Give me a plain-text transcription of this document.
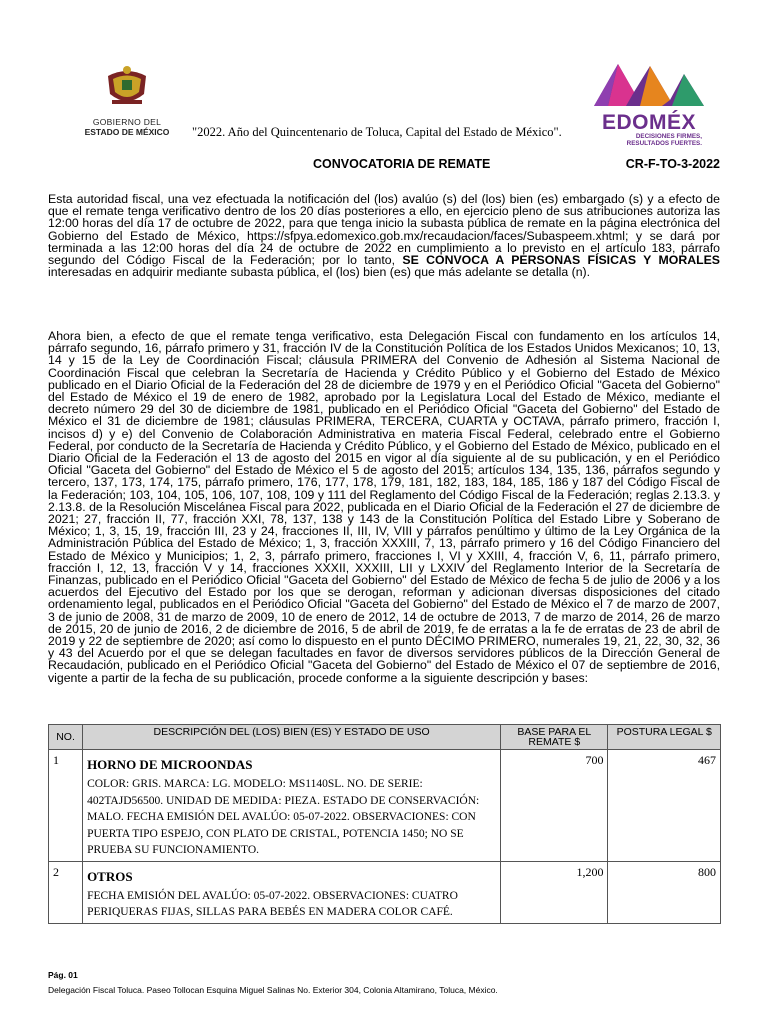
GOBIERNO DEL
ESTADO DE MÉXICO	"2022. Año del Quincentenario de Toluca, Capital del Estado de México".	EDOMÉX
DECISIONES FIRMES,
RESULTADOS FUERTES.
CONVOCATORIA DE REMATE	CR-F-TO-3-2022
Esta autoridad fiscal, una vez efectuada la notificación del (los) avalúo (s) del (los) bien (es) embargado (s) y a efecto de que el remate tenga verificativo dentro de los 20 días posteriores a ello, en ejercicio pleno de sus atribuciones autoriza las 12:00 horas del día 17 de octubre de 2022, para que tenga inicio la subasta pública de remate en la página electrónica del Gobierno del Estado de México, https://sfpya.edomexico.gob.mx/recaudacion/faces/Subaspeem.xhtml; y se dará por terminada a las 12:00 horas del día 24 de octubre de 2022 en cumplimiento a lo previsto en el artículo 183, párrafo segundo del Código Fiscal de la Federación; por lo tanto, SE CONVOCA A PERSONAS FÍSICAS Y MORALES interesadas en adquirir mediante subasta pública, el (los) bien (es) que más adelante se detalla (n).
Ahora bien, a efecto de que el remate tenga verificativo, esta Delegación Fiscal con fundamento en los artículos 14, párrafo segundo, 16, párrafo primero y 31, fracción IV de la Constitución Política de los Estados Unidos Mexicanos; 10, 13, 14 y 15 de la Ley de Coordinación Fiscal; cláusula PRIMERA del Convenio de Adhesión al Sistema Nacional de Coordinación Fiscal que celebran la Secretaría de Hacienda y Crédito Público y el Gobierno del Estado de México publicado en el Diario Oficial de la Federación del 28 de diciembre de 1979 y en el Periódico Oficial "Gaceta del Gobierno" del Estado de México el 19 de enero de 1982, aprobado por la Legislatura Local del Estado de México, mediante el decreto número 29 del 30 de diciembre de 1981, publicado en el Periódico Oficial "Gaceta del Gobierno" del Estado de México el 31 de diciembre de 1981; cláusulas PRIMERA, TERCERA, CUARTA y OCTAVA, párrafo primero, fracción I, incisos d) y e) del Convenio de Colaboración Administrativa en materia Fiscal Federal, celebrado entre el Gobierno Federal, por conducto de la Secretaría de Hacienda y Crédito Público, y el Gobierno del Estado de México, publicado en el Diario Oficial de la Federación el 13 de agosto del 2015 en vigor al día siguiente al de su publicación, y en el Periódico Oficial "Gaceta del Gobierno" del Estado de México el 5 de agosto del 2015; artículos 134, 135, 136, párrafos segundo y tercero, 137, 173, 174, 175, párrafo primero, 176, 177, 178, 179, 181, 182, 183, 184, 185, 186 y 187 del Código Fiscal de la Federación; 103, 104, 105, 106, 107, 108, 109 y 111 del Reglamento del Código Fiscal de la Federación; reglas 2.13.3. y 2.13.8. de la Resolución Miscelánea Fiscal para 2022, publicada en el Diario Oficial de la Federación el 27 de diciembre de 2021; 27, fracción II, 77, fracción XXI, 78, 137, 138 y 143 de la Constitución Política del Estado Libre y Soberano de México; 1, 3, 15, 19, fracción III, 23 y 24, fracciones II, III, IV, VIII y párrafos penúltimo y último de la Ley Orgánica de la Administración Pública del Estado de México; 1, 3, fracción XXXIII, 7, 13, párrafo primero y 16 del Código Financiero del Estado de México y Municipios; 1, 2, 3, párrafo primero, fracciones I, VI y XXIII, 4, fracción V, 6, 11, párrafo primero, fracción I, 12, 13, fracción V y 14, fracciones XXXII, XXXIII, LII y LXXIV del Reglamento Interior de la Secretaría de Finanzas, publicado en el Periódico Oficial "Gaceta del Gobierno" del Estado de México de fecha 5 de julio de 2006 y a los acuerdos del Ejecutivo del Estado por los que se derogan, reforman y adicionan diversas disposiciones del citado ordenamiento legal, publicados en el Periódico Oficial "Gaceta del Gobierno" del Estado de México el 7 de marzo de 2007, 3 de junio de 2008, 31 de marzo de 2009, 10 de enero de 2012, 14 de octubre de 2013, 7 de marzo de 2014, 26 de marzo de 2015, 20 de junio de 2016, 2 de diciembre de 2016, 5 de abril de 2019, fe de erratas a la fe de erratas de 23 de abril de 2019 y 22 de septiembre de 2020; así como lo dispuesto en el punto DÉCIMO PRIMERO, numerales 19, 21, 22, 30, 32, 36 y 43 del Acuerdo por el que se delegan facultades en favor de diversos servidores públicos de la Dirección General de Recaudación, publicado en el Periódico Oficial "Gaceta del Gobierno" del Estado de México el 07 de septiembre de 2016, vigente a partir de la fecha de su publicación, procede conforme a la siguiente descripción y bases:
NO.	DESCRIPCIÓN DEL (LOS) BIEN (ES) Y ESTADO DE USO	BASE PARA EL REMATE $	POSTURA LEGAL $
1	HORNO DE MICROONDAS
COLOR: GRIS. MARCA: LG. MODELO: MS1140SL. NO. DE SERIE: 402TAJD56500. UNIDAD DE MEDIDA: PIEZA. ESTADO DE CONSERVACIÓN: MALO. FECHA EMISIÓN DEL AVALÚO: 05-07-2022. OBSERVACIONES: CON PUERTA TIPO ESPEJO, CON PLATO DE CRISTAL, POTENCIA 1450; NO SE PRUEBA SU FUNCIONAMIENTO.	700	467
2	OTROS
FECHA EMISIÓN DEL AVALÚO: 05-07-2022. OBSERVACIONES: CUATRO PERIQUERAS FIJAS, SILLAS PARA BEBÉS EN MADERA COLOR CAFÉ.	1,200	800
Pág. 01
Delegación Fiscal Toluca. Paseo Tollocan Esquina Miguel Salinas No. Exterior 304, Colonia Altamirano, Toluca, México.
